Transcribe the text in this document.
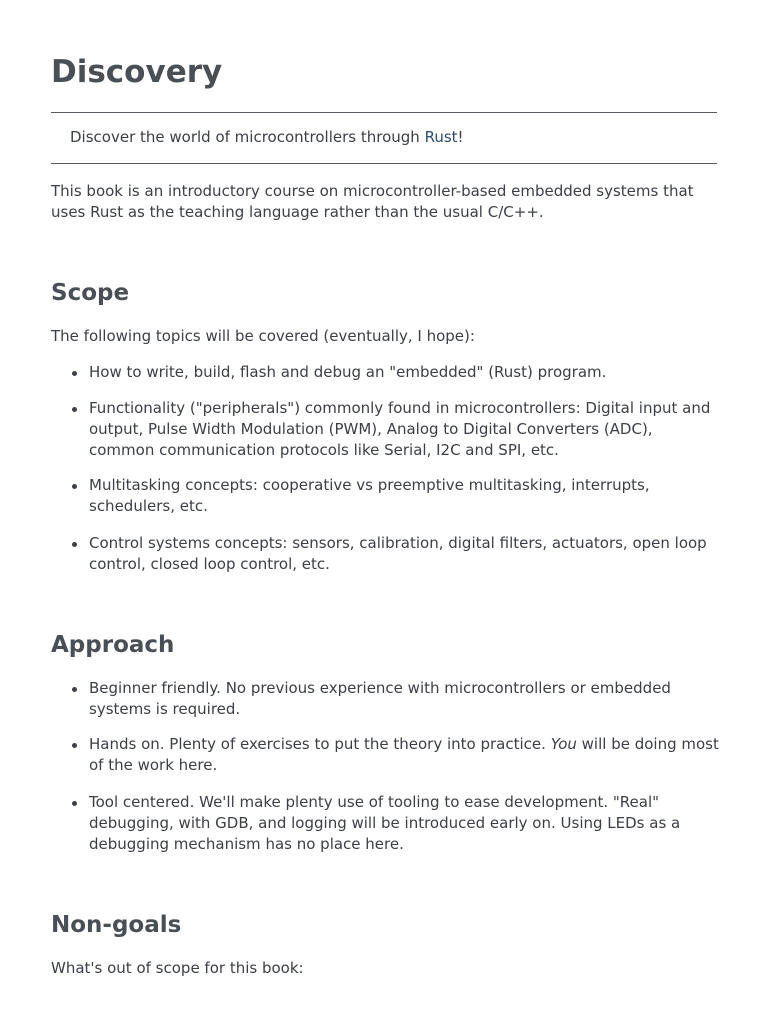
Discovery

Discover the world of microcontrollers through Rust!

This book is an introductory course on microcontroller-based embedded systems that uses Rust as the teaching language rather than the usual C/C++.

Scope

The following topics will be covered (eventually, I hope):

How to write, build, flash and debug an "embedded" (Rust) program.
Functionality ("peripherals") commonly found in microcontrollers: Digital input and output, Pulse Width Modulation (PWM), Analog to Digital Converters (ADC), common communication protocols like Serial, I2C and SPI, etc.
Multitasking concepts: cooperative vs preemptive multitasking, interrupts, schedulers, etc.
Control systems concepts: sensors, calibration, digital filters, actuators, open loop control, closed loop control, etc.
Approach
Beginner friendly. No previous experience with microcontrollers or embedded systems is required.
Hands on. Plenty of exercises to put the theory into practice. You will be doing most of the work here.
Tool centered. We'll make plenty use of tooling to ease development. "Real" debugging, with GDB, and logging will be introduced early on. Using LEDs as a debugging mechanism has no place here.
Non-goals

What's out of scope for this book:
